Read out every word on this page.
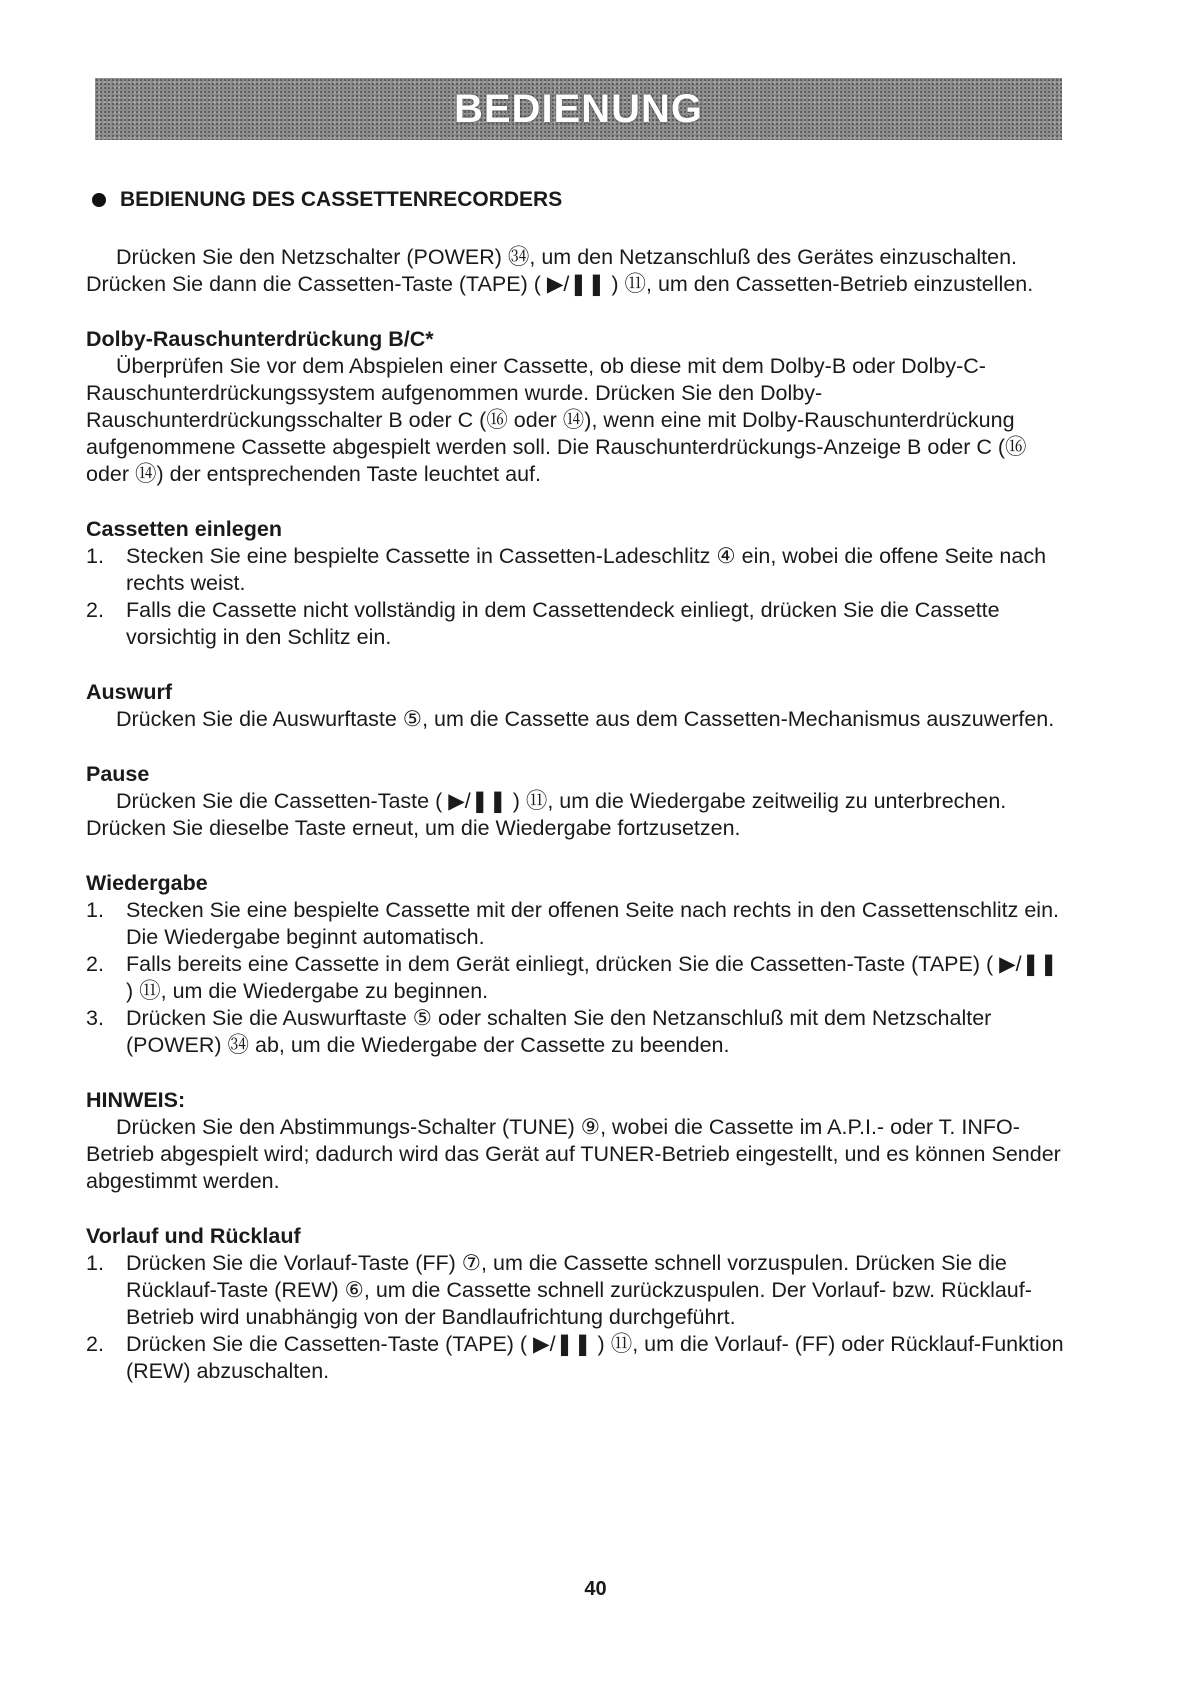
BEDIENUNG
BEDIENUNG DES CASSETTENRECORDERS

Drücken Sie den Netzschalter (POWER) ㉞, um den Netzanschluß des Gerätes einzuschalten. Drücken Sie dann die Cassetten-Taste (TAPE) ( ▶/❚❚ ) ⑪, um den Cassetten-Betrieb einzustellen.

Dolby-Rauschunterdrückung B/C*

Überprüfen Sie vor dem Abspielen einer Cassette, ob diese mit dem Dolby-B oder Dolby-C-Rauschunterdrückungssystem aufgenommen wurde. Drücken Sie den Dolby-Rauschunterdrückungsschalter B oder C (⑯ oder ⑭), wenn eine mit Dolby-Rauschunterdrückung aufgenommene Cassette abgespielt werden soll. Die Rauschunterdrückungs-Anzeige B oder C (⑯ oder ⑭) der entsprechenden Taste leuchtet auf.

Cassetten einlegen

1.	Stecken Sie eine bespielte Cassette in Cassetten-Ladeschlitz ④ ein, wobei die offene Seite nach rechts weist.
2.	Falls die Cassette nicht vollständig in dem Cassettendeck einliegt, drücken Sie die Cassette vorsichtig in den Schlitz ein.

Auswurf

Drücken Sie die Auswurftaste ⑤, um die Cassette aus dem Cassetten-Mechanismus auszuwerfen.

Pause

Drücken Sie die Cassetten-Taste ( ▶/❚❚ ) ⑪, um die Wiedergabe zeitweilig zu unterbrechen. Drücken Sie dieselbe Taste erneut, um die Wiedergabe fortzusetzen.

Wiedergabe

1.	Stecken Sie eine bespielte Cassette mit der offenen Seite nach rechts in den Cassettenschlitz ein. Die Wiedergabe beginnt automatisch.
2.	Falls bereits eine Cassette in dem Gerät einliegt, drücken Sie die Cassetten-Taste (TAPE) ( ▶/❚❚ ) ⑪, um die Wiedergabe zu beginnen.
3.	Drücken Sie die Auswurftaste ⑤ oder schalten Sie den Netzanschluß mit dem Netzschalter (POWER) ㉞ ab, um die Wiedergabe der Cassette zu beenden.

HINWEIS:

Drücken Sie den Abstimmungs-Schalter (TUNE) ⑨, wobei die Cassette im A.P.I.- oder T. INFO-Betrieb abgespielt wird; dadurch wird das Gerät auf TUNER-Betrieb eingestellt, und es können Sender abgestimmt werden.

Vorlauf und Rücklauf

1.	Drücken Sie die Vorlauf-Taste (FF) ⑦, um die Cassette schnell vorzuspulen. Drücken Sie die Rücklauf-Taste (REW) ⑥, um die Cassette schnell zurückzuspulen. Der Vorlauf- bzw. Rücklauf-Betrieb wird unabhängig von der Bandlaufrichtung durchgeführt.
2.	Drücken Sie die Cassetten-Taste (TAPE) ( ▶/❚❚ ) ⑪, um die Vorlauf- (FF) oder Rücklauf-Funktion (REW) abzuschalten.
40
